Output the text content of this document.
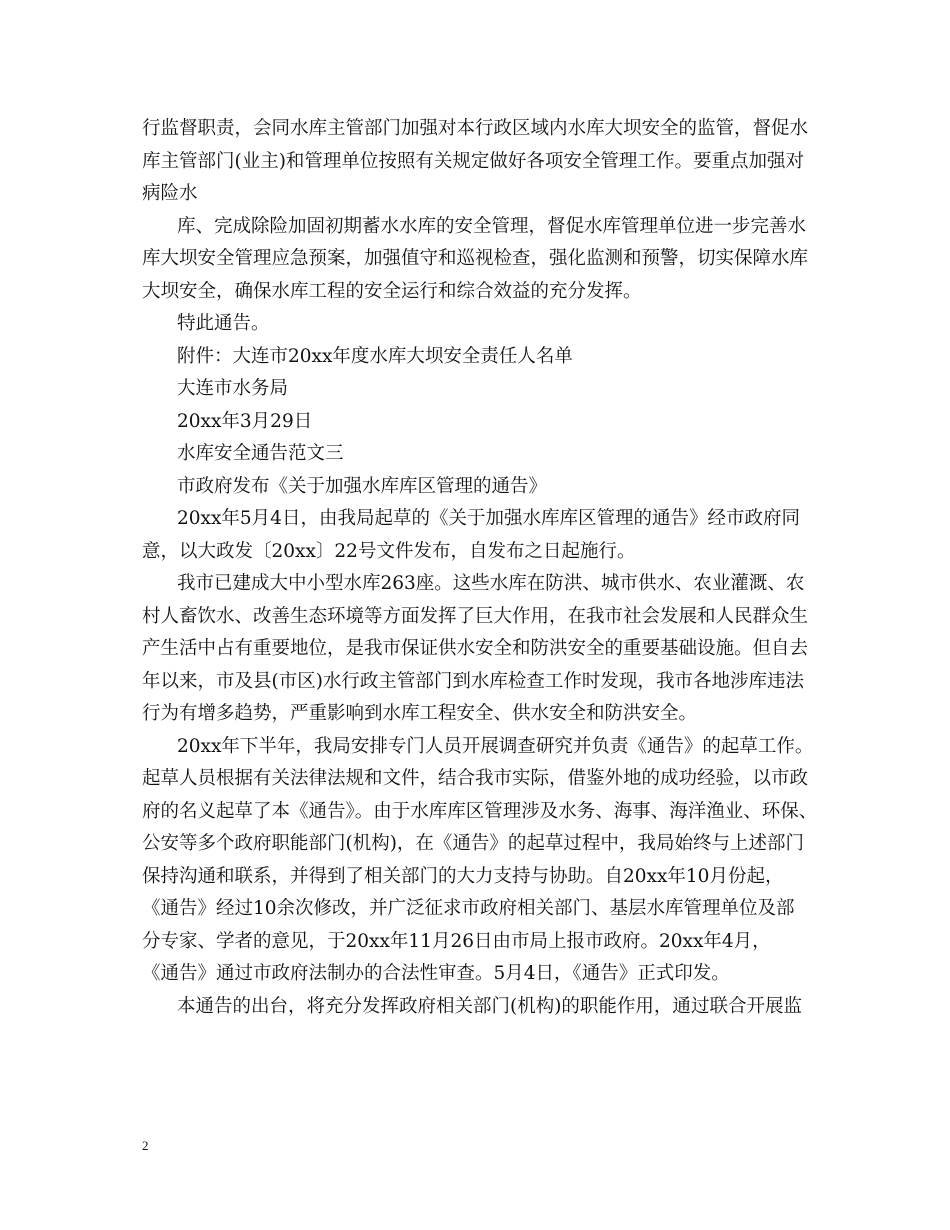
行监督职责，会同水库主管部门加强对本行政区域内水库大坝安全的监管，督促水
库主管部门(业主)和管理单位按照有关规定做好各项安全管理工作。要重点加强对
病险水
库、完成除险加固初期蓄水水库的安全管理，督促水库管理单位进一步完善水
库大坝安全管理应急预案，加强值守和巡视检查，强化监测和预警，切实保障水库
大坝安全，确保水库工程的安全运行和综合效益的充分发挥。
特此通告。
附件：大连市20xx年度水库大坝安全责任人名单
大连市水务局
20xx年3月29日
水库安全通告范文三
市政府发布《关于加强水库库区管理的通告》
20xx年5月4日，由我局起草的《关于加强水库库区管理的通告》经市政府同
意，以大政发〔20xx〕22号文件发布，自发布之日起施行。
我市已建成大中小型水库263座。这些水库在防洪、城市供水、农业灌溉、农
村人畜饮水、改善生态环境等方面发挥了巨大作用，在我市社会发展和人民群众生
产生活中占有重要地位，是我市保证供水安全和防洪安全的重要基础设施。但自去
年以来，市及县(市区)水行政主管部门到水库检查工作时发现，我市各地涉库违法
行为有增多趋势，严重影响到水库工程安全、供水安全和防洪安全。
20xx年下半年，我局安排专门人员开展调查研究并负责《通告》的起草工作。
起草人员根据有关法律法规和文件，结合我市实际，借鉴外地的成功经验，以市政
府的名义起草了本《通告》。由于水库库区管理涉及水务、海事、海洋渔业、环保、
公安等多个政府职能部门(机构)，在《通告》的起草过程中，我局始终与上述部门
保持沟通和联系，并得到了相关部门的大力支持与协助。自20xx年10月份起，
《通告》经过10余次修改，并广泛征求市政府相关部门、基层水库管理单位及部
分专家、学者的意见，于20xx年11月26日由市局上报市政府。20xx年4月，
《通告》通过市政府法制办的合法性审查。5月4日，《通告》正式印发。
本通告的出台，将充分发挥政府相关部门(机构)的职能作用，通过联合开展监
2
